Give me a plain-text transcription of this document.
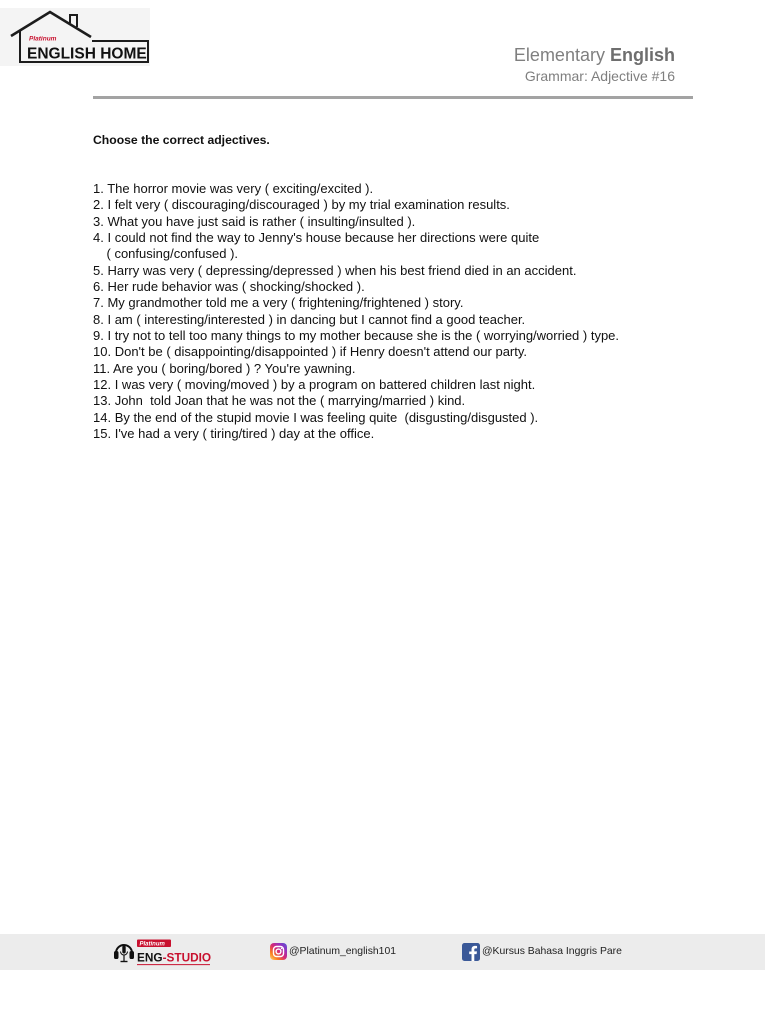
Platinum
ENGLISH HOME	Elementary English
Grammar: Adjective #16
Choose the correct adjectives.
1. The horror movie was very ( exciting/excited ).
2. I felt very ( discouraging/discouraged ) by my trial examination results.
3. What you have just said is rather ( insulting/insulted ).
4. I could not find the way to Jenny's house because her directions were quite
( confusing/confused ).
5. Harry was very ( depressing/depressed ) when his best friend died in an accident.
6. Her rude behavior was ( shocking/shocked ).
7. My grandmother told me a very ( frightening/frightened ) story.
8. I am ( interesting/interested ) in dancing but I cannot find a good teacher.
9. I try not to tell too many things to my mother because she is the ( worrying/worried ) type.
10. Don't be ( disappointing/disappointed ) if Henry doesn't attend our party.
11. Are you ( boring/bored ) ? You're yawning.
12. I was very ( moving/moved ) by a program on battered children last night.
13. John  told Joan that he was not the ( marrying/married ) kind.
14. By the end of the stupid movie I was feeling quite  (disgusting/disgusted ).
15. I've had a very ( tiring/tired ) day at the office.
Platinum
ENG-STUDIO	@Platinum_english101	@Kursus Bahasa Inggris Pare
